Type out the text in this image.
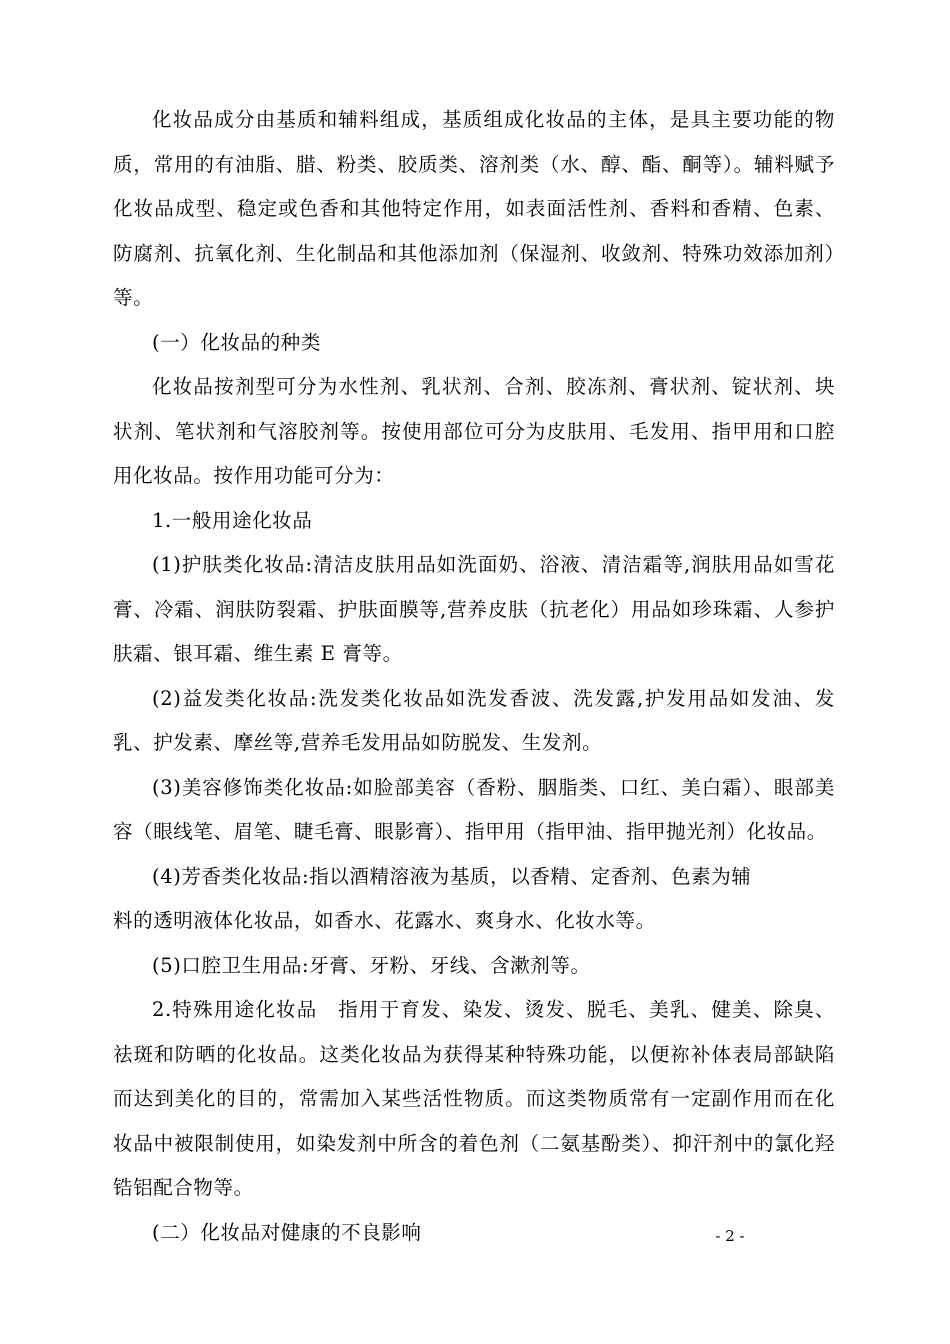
化妆品成分由基质和辅料组成，基质组成化妆品的主体，是具主要功能的物质，常用的有油脂、腊、粉类、胶质类、溶剂类（水、醇、酯、酮等）。辅料赋予化妆品成型、稳定或色香和其他特定作用，如表面活性剂、香料和香精、色素、防腐剂、抗氧化剂、生化制品和其他添加剂（保湿剂、收敛剂、特殊功效添加剂）等。

(一）化妆品的种类

化妆品按剂型可分为水性剂、乳状剂、合剂、胶冻剂、膏状剂、锭状剂、块状剂、笔状剂和气溶胶剂等。按使用部位可分为皮肤用、毛发用、指甲用和口腔用化妆品。按作用功能可分为：

1.一般用途化妆品

(1)护肤类化妆品:清洁皮肤用品如洗面奶、浴液、清洁霜等,润肤用品如雪花膏、冷霜、润肤防裂霜、护肤面膜等,营养皮肤（抗老化）用品如珍珠霜、人参护肤霜、银耳霜、维生素 E 膏等。

(2)益发类化妆品:洗发类化妆品如洗发香波、洗发露,护发用品如发油、发乳、护发素、摩丝等,营养毛发用品如防脱发、生发剂。

(3)美容修饰类化妆品:如脸部美容（香粉、胭脂类、口红、美白霜）、眼部美容（眼线笔、眉笔、睫毛膏、眼影膏）、指甲用（指甲油、指甲抛光剂）化妆品。

(4)芳香类化妆品:指以酒精溶液为基质，以香精、定香剂、色素为辅

料的透明液体化妆品，如香水、花露水、爽身水、化妆水等。

(5)口腔卫生用品:牙膏、牙粉、牙线、含漱剂等。

2.特殊用途化妆品　指用于育发、染发、烫发、脱毛、美乳、健美、除臭、祛斑和防晒的化妆品。这类化妆品为获得某种特殊功能，以便祢补体表局部缺陷而达到美化的目的，常需加入某些活性物质。而这类物质常有一定副作用而在化妆品中被限制使用，如染发剂中所含的着色剂（二氨基酚类）、抑汗剂中的氯化羟锆铝配合物等。

(二）化妆品对健康的不良影响	- 2 -
